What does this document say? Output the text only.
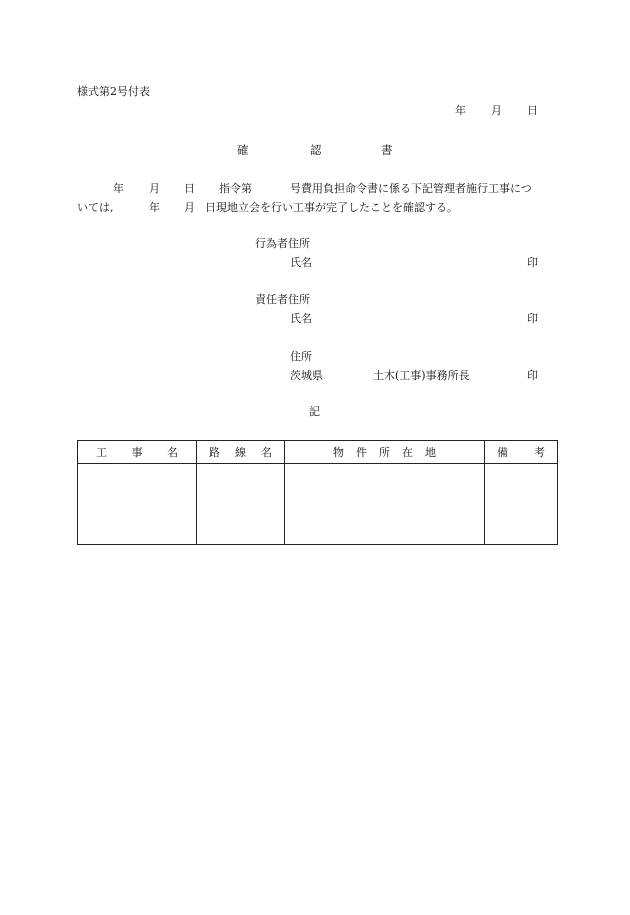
様式第2号付表
年 月 日
確	認	書
年 月 日 指令第	号費用負担命令書に係る下記管理者施行工事につ
いては,	年 月 日現地立会を行い工事が完了したことを確認する。
行為者住所
氏名	印
責任者住所
氏名	印
住所
茨城県	土木(工事)事務所長	印
記
工 事 名	路 線 名	物 件 所 在 地	備 考
